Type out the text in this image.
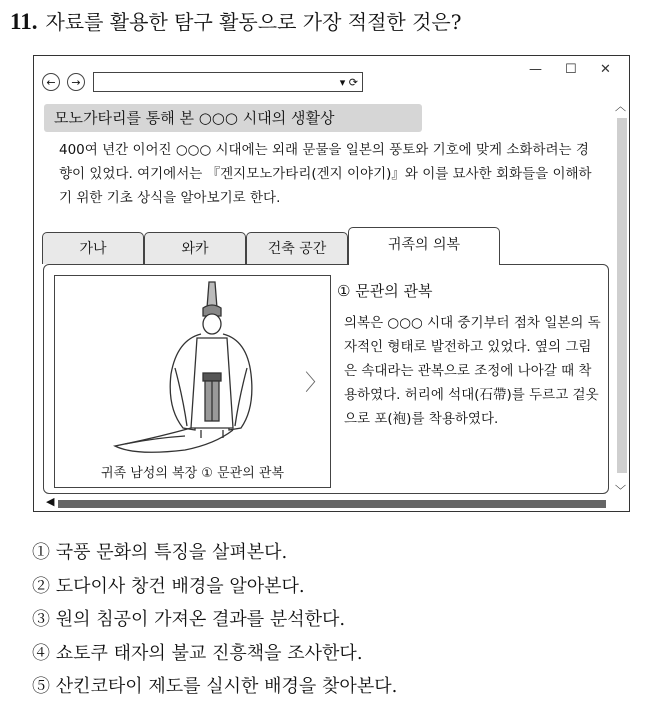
11. 자료를 활용한 탐구 활동으로 가장 적절한 것은?
←	→	▾ ⟳
— ☐ ✕
모노가타리를 통해 본 ○○○ 시대의 생활상
400여 년간 이어진 ○○○ 시대에는 외래 문물을 일본의 풍토와 기호에 맞게 소화하려는 경향이 있었다. 여기에서는 『겐지모노가타리(겐지 이야기)』와 이를 묘사한 회화들을 이해하기 위한 기초 상식을 알아보기로 한다.
︿
﹀
가나	와카	건축 공간	귀족의 의복
귀족 남성의 복장 ① 문관의 관복
〉
① 문관의 관복
의복은 ○○○ 시대 중기부터 점차 일본의 독자적인 형태로 발전하고 있었다. 옆의 그림은 속대라는 관복으로 조정에 나아갈 때 착용하였다. 허리에 석대(石帶)를 두르고 겉옷으로 포(袍)를 착용하였다.
◀
① 국풍 문화의 특징을 살펴본다.
② 도다이사 창건 배경을 알아본다.
③ 원의 침공이 가져온 결과를 분석한다.
④ 쇼토쿠 태자의 불교 진흥책을 조사한다.
⑤ 산킨코타이 제도를 실시한 배경을 찾아본다.
